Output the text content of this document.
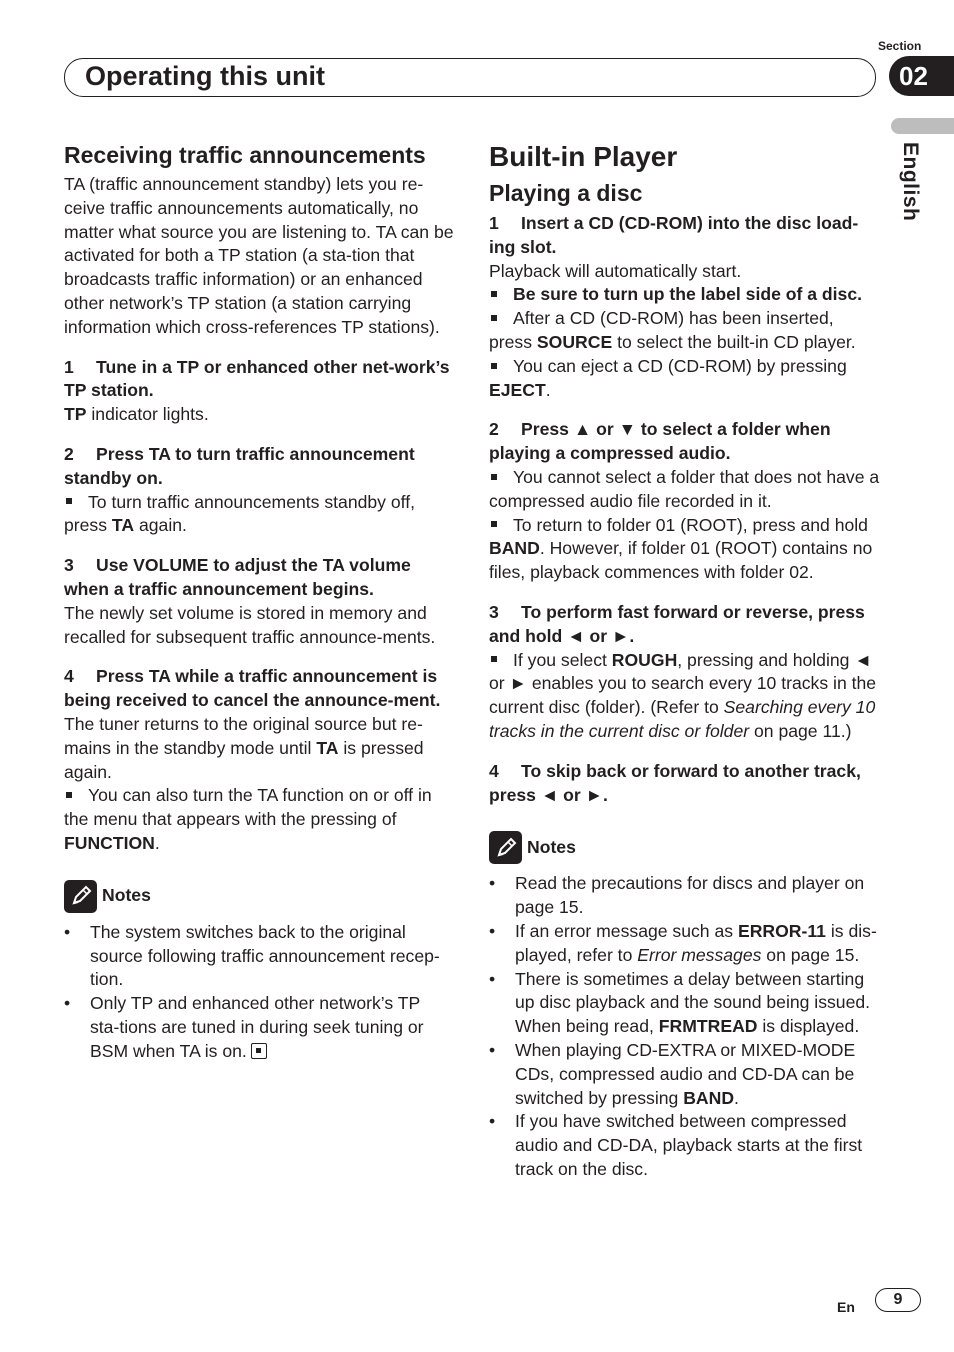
Section
02
Operating this unit
English
Receiving traffic announcements

TA (traffic announcement standby) lets you re-ceive traffic announcements automatically, no matter what source you are listening to. TA can be activated for both a TP station (a sta-tion that broadcasts traffic information) or an enhanced other network’s TP station (a station carrying information which cross-references TP stations).

1 Tune in a TP or enhanced other net-work’s TP station.

TP indicator lights.

2 Press TA to turn traffic announcement standby on.

To turn traffic announcements standby off, press TA again.

3 Use VOLUME to adjust the TA volume when a traffic announcement begins.

The newly set volume is stored in memory and recalled for subsequent traffic announce-ments.

4 Press TA while a traffic announcement is being received to cancel the announce-ment.

The tuner returns to the original source but re-mains in the standby mode until TA is pressed again.

You can also turn the TA function on or off in the menu that appears with the pressing of FUNCTION.

Notes

• The system switches back to the original source following traffic announcement recep-tion.

• Only TP and enhanced other network’s TP sta-tions are tuned in during seek tuning or BSM when TA is on.

Built-in Player
Playing a disc

1 Insert a CD (CD-ROM) into the disc load-ing slot.

Playback will automatically start.

Be sure to turn up the label side of a disc.

After a CD (CD-ROM) has been inserted, press SOURCE to select the built-in CD player.

You can eject a CD (CD-ROM) by pressing EJECT.

2 Press ▲ or ▼ to select a folder when playing a compressed audio.

You cannot select a folder that does not have a compressed audio file recorded in it.

To return to folder 01 (ROOT), press and hold BAND. However, if folder 01 (ROOT) contains no files, playback commences with folder 02.

3 To perform fast forward or reverse, press and hold ◄ or ►.

If you select ROUGH, pressing and holding ◄ or ► enables you to search every 10 tracks in the current disc (folder). (Refer to Searching every 10 tracks in the current disc or folder on page 11.)

4 To skip back or forward to another track, press ◄ or ►.

Notes

• Read the precautions for discs and player on page 15.

• If an error message such as ERROR-11 is dis-played, refer to Error messages on page 15.

• There is sometimes a delay between starting up disc playback and the sound being issued. When being read, FRMTREAD is displayed.

• When playing CD-EXTRA or MIXED-MODE CDs, compressed audio and CD-DA can be switched by pressing BAND.

• If you have switched between compressed audio and CD-DA, playback starts at the first track on the disc.

En	9
